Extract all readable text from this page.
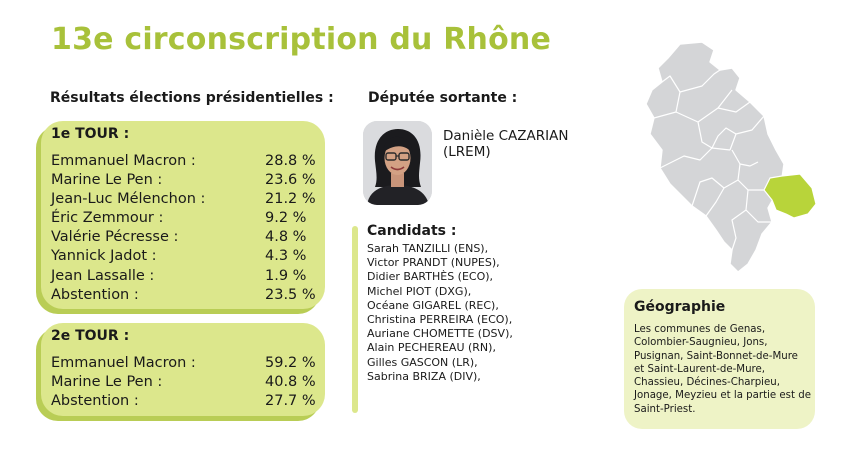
13e circonscription du Rhône
Résultats élections présidentielles : Députée sortante :
1e TOUR :
Emmanuel Macron :	28.8 %
Marine Le Pen :	23.6 %
Jean-Luc Mélenchon :	21.2 %
Éric Zemmour :	9.2 %
Valérie Pécresse :	4.8 %
Yannick Jadot :	4.3 %
Jean Lassalle :	1.9 %
Abstention :	23.5 %
2e TOUR :
Emmanuel Macron :	59.2 %
Marine Le Pen :	40.8 %
Abstention :	27.7 %
Danièle CAZARIAN
(LREM)
Candidats :
Sarah TANZILLI (ENS),
Victor PRANDT (NUPES),
Didier BARTHÈS (ECO),
Michel PIOT (DXG),
Océane GIGAREL (REC),
Christina PERREIRA (ECO),
Auriane CHOMETTE (DSV),
Alain PECHEREAU (RN),
Gilles GASCON (LR),
Sabrina BRIZA (DIV),
Géographie
Les communes de Genas, Colombier-Saugnieu, Jons, Pusignan, Saint-Bonnet-de-Mure et Saint-Laurent-de-Mure, Chassieu, Décines-Charpieu, Jonage, Meyzieu et la partie est de Saint-Priest.
